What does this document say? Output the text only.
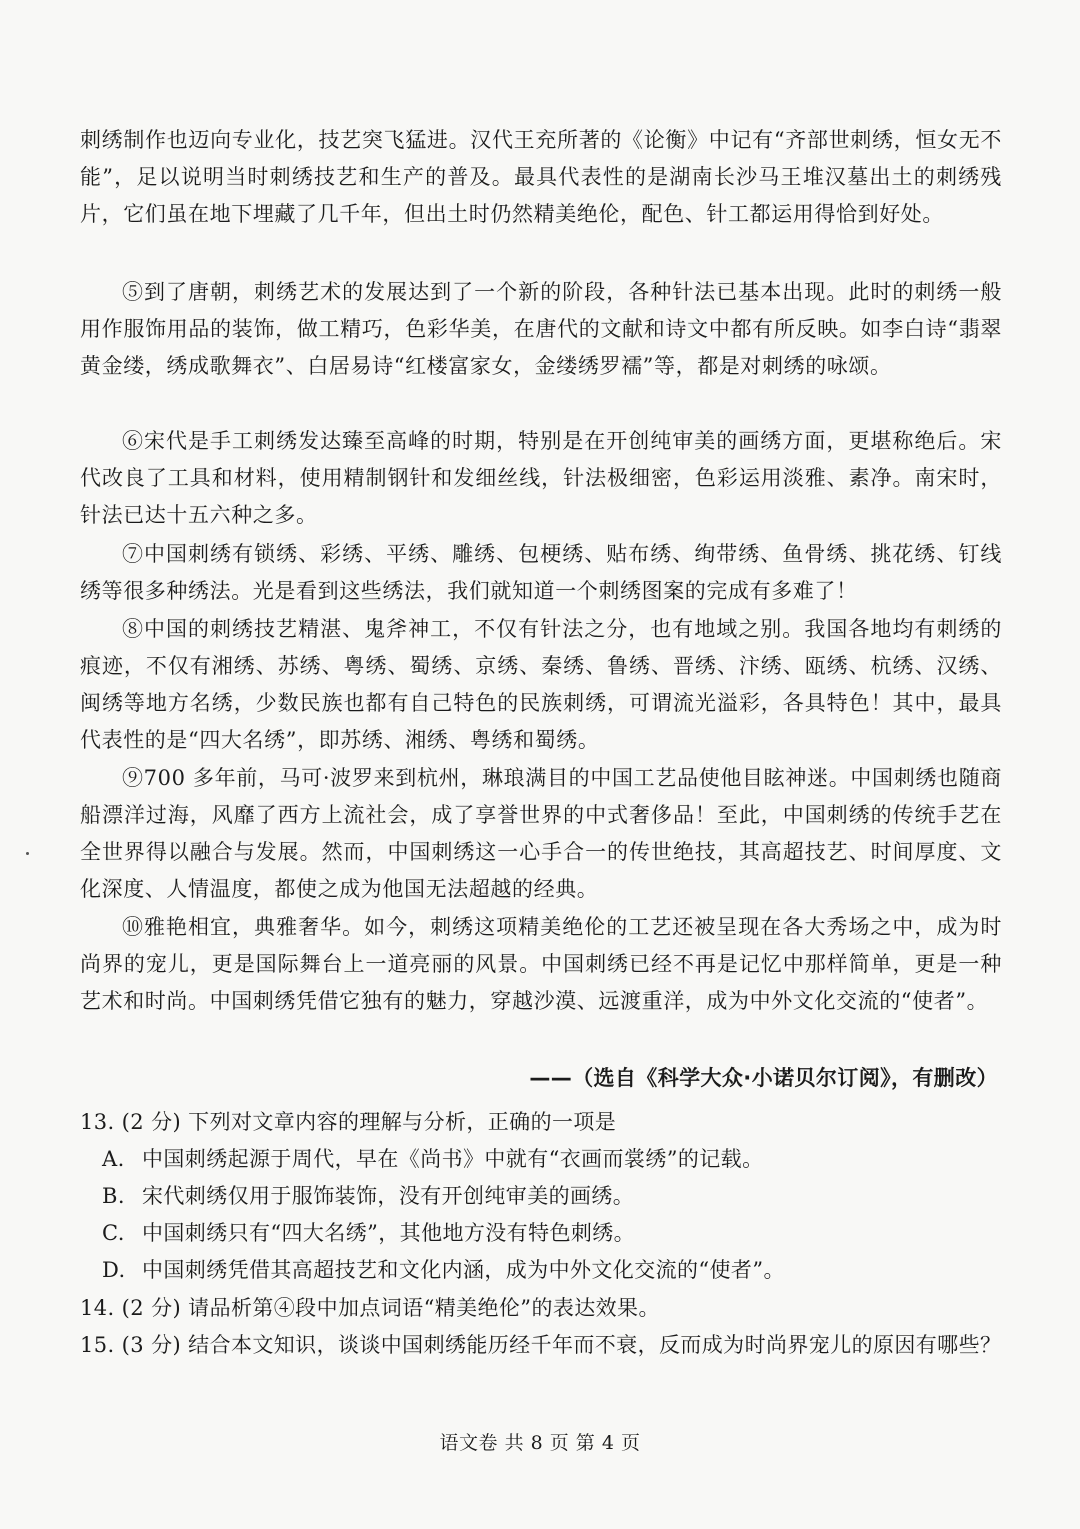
刺绣制作也迈向专业化，技艺突飞猛进。汉代王充所著的《论衡》中记有“齐部世刺绣，恒女无不能”，足以说明当时刺绣技艺和生产的普及。最具代表性的是湖南长沙马王堆汉墓出土的刺绣残片，它们虽在地下埋藏了几千年，但出土时仍然精美绝伦，配色、针工都运用得恰到好处。

⑤到了唐朝，刺绣艺术的发展达到了一个新的阶段，各种针法已基本出现。此时的刺绣一般用作服饰用品的装饰，做工精巧，色彩华美，在唐代的文献和诗文中都有所反映。如李白诗“翡翠黄金缕，绣成歌舞衣”、白居易诗“红楼富家女，金缕绣罗襦”等，都是对刺绣的咏颂。

⑥宋代是手工刺绣发达臻至高峰的时期，特别是在开创纯审美的画绣方面，更堪称绝后。宋代改良了工具和材料，使用精制钢针和发细丝线，针法极细密，色彩运用淡雅、素净。南宋时，针法已达十五六种之多。

⑦中国刺绣有锁绣、彩绣、平绣、雕绣、包梗绣、贴布绣、绚带绣、鱼骨绣、挑花绣、钉线绣等很多种绣法。光是看到这些绣法，我们就知道一个刺绣图案的完成有多难了！

⑧中国的刺绣技艺精湛、鬼斧神工，不仅有针法之分，也有地域之别。我国各地均有刺绣的痕迹，不仅有湘绣、苏绣、粤绣、蜀绣、京绣、秦绣、鲁绣、晋绣、汴绣、瓯绣、杭绣、汉绣、闽绣等地方名绣，少数民族也都有自己特色的民族刺绣，可谓流光溢彩，各具特色！其中，最具代表性的是“四大名绣”，即苏绣、湘绣、粤绣和蜀绣。

⑨700 多年前，马可·波罗来到杭州，琳琅满目的中国工艺品使他目眩神迷。中国刺绣也随商船漂洋过海，风靡了西方上流社会，成了享誉世界的中式奢侈品！至此，中国刺绣的传统手艺在全世界得以融合与发展。然而，中国刺绣这一心手合一的传世绝技，其高超技艺、时间厚度、文化深度、人情温度，都使之成为他国无法超越的经典。

⑩雅艳相宜，典雅奢华。如今，刺绣这项精美绝伦的工艺还被呈现在各大秀场之中，成为时尚界的宠儿，更是国际舞台上一道亮丽的风景。中国刺绣已经不再是记忆中那样简单，更是一种艺术和时尚。中国刺绣凭借它独有的魅力，穿越沙漠、远渡重洋，成为中外文化交流的“使者”。

——（选自《科学大众·小诺贝尔订阅》，有删改）

13. (2 分) 下列对文章内容的理解与分析，正确的一项是

A. 中国刺绣起源于周代，早在《尚书》中就有“衣画而裳绣”的记载。

B. 宋代刺绣仅用于服饰装饰，没有开创纯审美的画绣。

C. 中国刺绣只有“四大名绣”，其他地方没有特色刺绣。

D. 中国刺绣凭借其高超技艺和文化内涵，成为中外文化交流的“使者”。

14. (2 分) 请品析第④段中加点词语“精美绝伦”的表达效果。

15. (3 分) 结合本文知识，谈谈中国刺绣能历经千年而不衰，反而成为时尚界宠儿的原因有哪些？

语文卷 共 8 页 第 4 页
